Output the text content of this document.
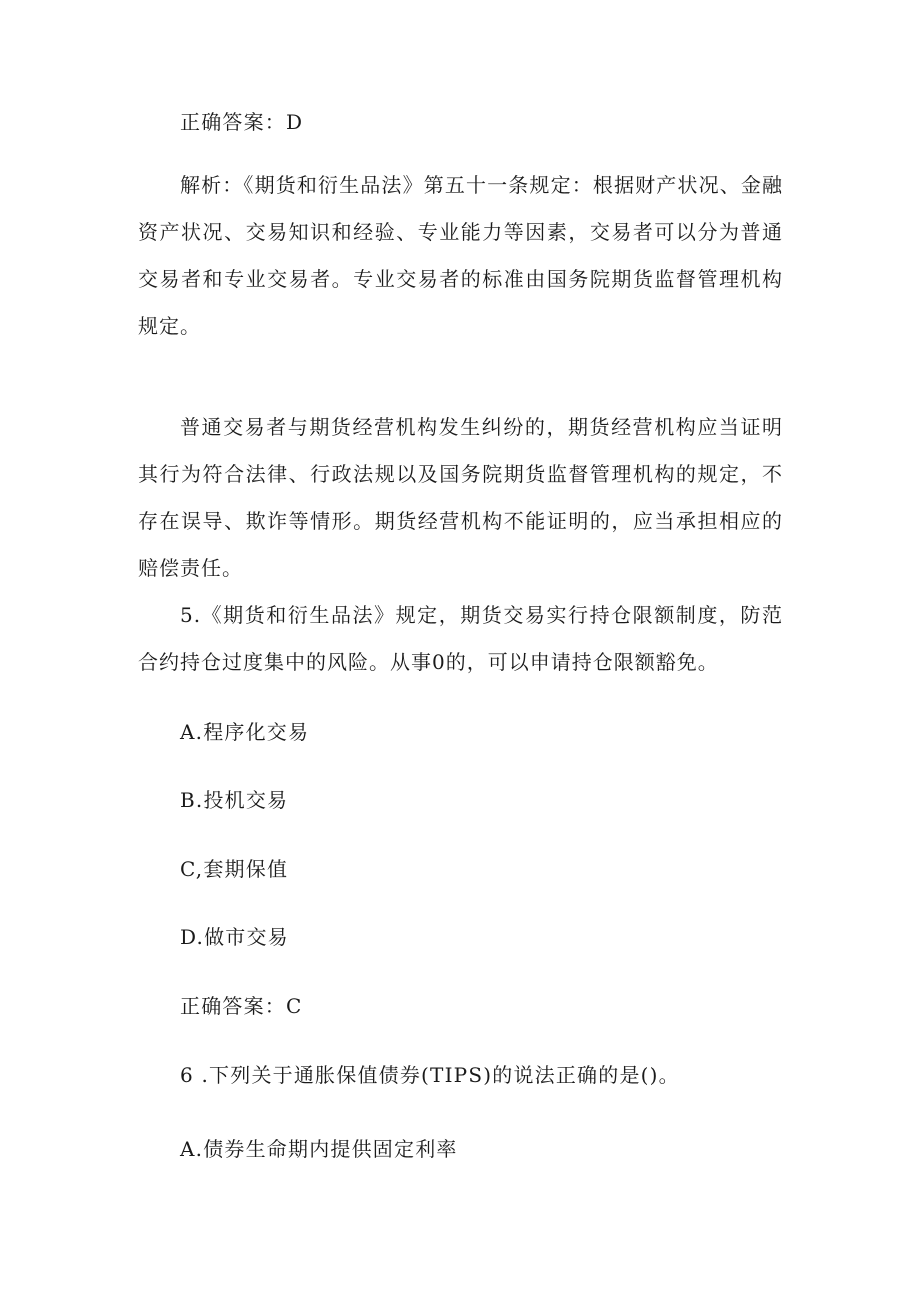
正确答案：D

解析：《期货和衍生品法》第五十一条规定：根据财产状况、金融资产状况、交易知识和经验、专业能力等因素，交易者可以分为普通交易者和专业交易者。专业交易者的标准由国务院期货监督管理机构规定。

普通交易者与期货经营机构发生纠纷的，期货经营机构应当证明其行为符合法律、行政法规以及国务院期货监督管理机构的规定，不存在误导、欺诈等情形。期货经营机构不能证明的，应当承担相应的赔偿责任。

5.《期货和衍生品法》规定，期货交易实行持仓限额制度，防范合约持仓过度集中的风险。从事0的，可以申请持仓限额豁免。

A.程序化交易
B.投机交易
C,套期保值
D.做市交易
正确答案：C
6 .下列关于通胀保值债券(TIPS)的说法正确的是()。
A.债券生命期内提供固定利率
